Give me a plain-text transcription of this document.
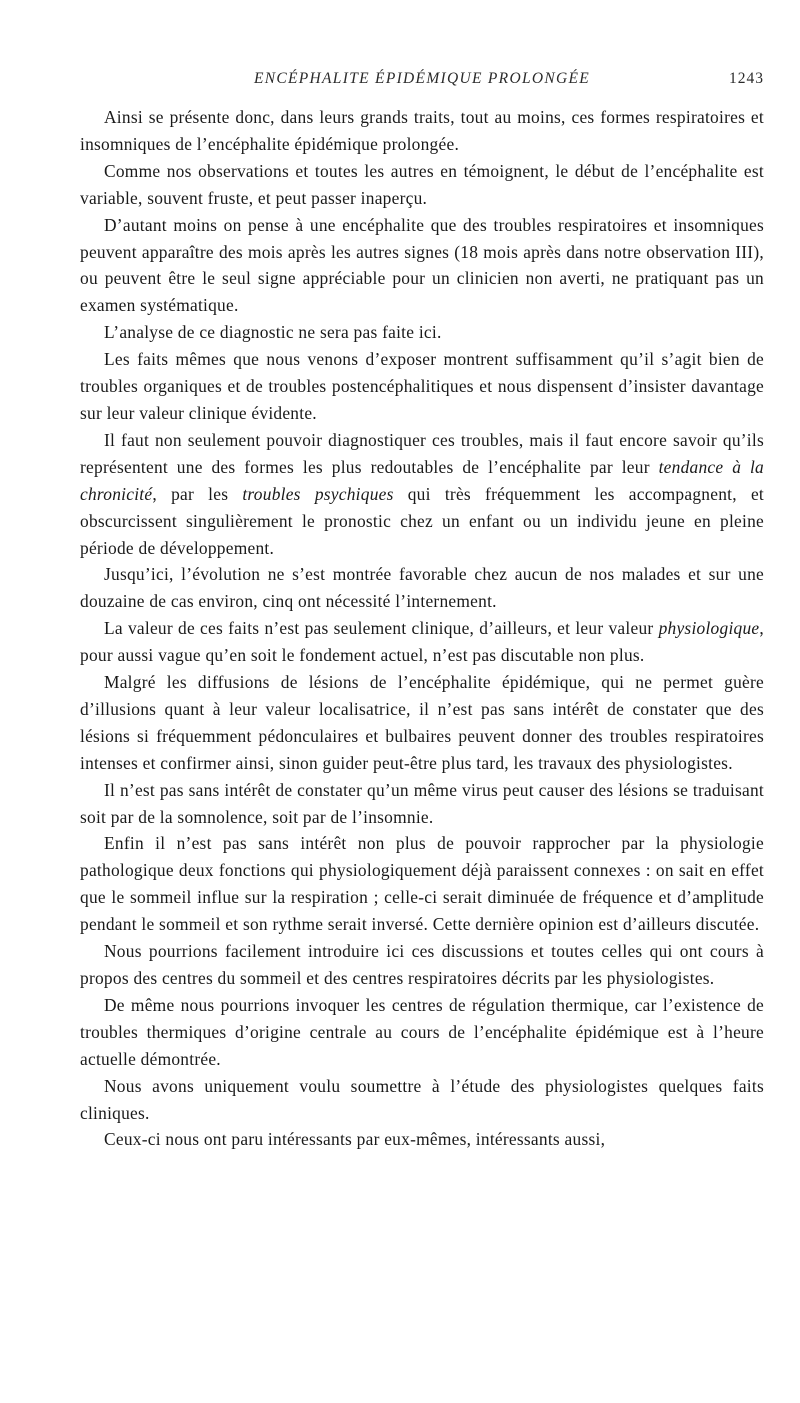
ENCÉPHALITE ÉPIDÉMIQUE PROLONGÉE	1243

Ainsi se présente donc, dans leurs grands traits, tout au moins, ces formes respiratoires et insomniques de l’encéphalite épidémique prolongée.

Comme nos observations et toutes les autres en témoignent, le début de l’encéphalite est variable, souvent fruste, et peut passer inaperçu.

D’autant moins on pense à une encéphalite que des troubles respiratoires et insomniques peuvent apparaître des mois après les autres signes (18 mois après dans notre observation III), ou peuvent être le seul signe appréciable pour un clinicien non averti, ne pratiquant pas un examen systématique.

L’analyse de ce diagnostic ne sera pas faite ici.

Les faits mêmes que nous venons d’exposer montrent suffisamment qu’il s’agit bien de troubles organiques et de troubles postencéphalitiques et nous dispensent d’insister davantage sur leur valeur clinique évidente.

Il faut non seulement pouvoir diagnostiquer ces troubles, mais il faut encore savoir qu’ils représentent une des formes les plus redoutables de l’encéphalite par leur tendance à la chronicité, par les troubles psychiques qui très fréquemment les accompagnent, et obscurcissent singulièrement le pronostic chez un enfant ou un individu jeune en pleine période de développement.

Jusqu’ici, l’évolution ne s’est montrée favorable chez aucun de nos malades et sur une douzaine de cas environ, cinq ont nécessité l’internement.

La valeur de ces faits n’est pas seulement clinique, d’ailleurs, et leur valeur physiologique, pour aussi vague qu’en soit le fondement actuel, n’est pas discutable non plus.

Malgré les diffusions de lésions de l’encéphalite épidémique, qui ne permet guère d’illusions quant à leur valeur localisatrice, il n’est pas sans intérêt de constater que des lésions si fréquemment pédonculaires et bulbaires peuvent donner des troubles respiratoires intenses et confirmer ainsi, sinon guider peut-être plus tard, les travaux des physiologistes.

Il n’est pas sans intérêt de constater qu’un même virus peut causer des lésions se traduisant soit par de la somnolence, soit par de l’insomnie.

Enfin il n’est pas sans intérêt non plus de pouvoir rapprocher par la physiologie pathologique deux fonctions qui physiologiquement déjà paraissent connexes : on sait en effet que le sommeil influe sur la respiration ; celle-ci serait diminuée de fréquence et d’amplitude pendant le sommeil et son rythme serait inversé. Cette dernière opinion est d’ailleurs discutée.

Nous pourrions facilement introduire ici ces discussions et toutes celles qui ont cours à propos des centres du sommeil et des centres respiratoires décrits par les physiologistes.

De même nous pourrions invoquer les centres de régulation thermique, car l’existence de troubles thermiques d’origine centrale au cours de l’encéphalite épidémique est à l’heure actuelle démontrée.

Nous avons uniquement voulu soumettre à l’étude des physiologistes quelques faits cliniques.

Ceux-ci nous ont paru intéressants par eux-mêmes, intéressants aussi,
